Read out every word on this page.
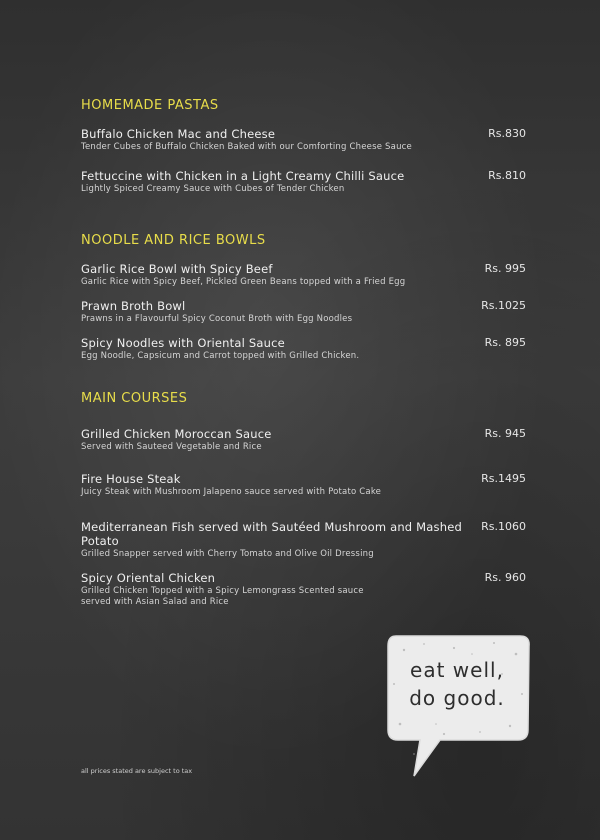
HOMEMADE PASTAS
Buffalo Chicken Mac and Cheese
Tender Cubes of Buffalo Chicken Baked with our Comforting Cheese Sauce
Rs.830
Fettuccine with Chicken in a Light Creamy Chilli Sauce
Lightly Spiced Creamy Sauce with Cubes of Tender Chicken
Rs.810
NOODLE AND RICE BOWLS
Garlic Rice Bowl with Spicy Beef
Garlic Rice with Spicy Beef, Pickled Green Beans topped with a Fried Egg
Rs. 995
Prawn Broth Bowl
Prawns in a Flavourful Spicy Coconut Broth with Egg Noodles
Rs.1025
Spicy Noodles with Oriental Sauce
Egg Noodle, Capsicum and Carrot topped with Grilled Chicken.
Rs. 895
MAIN COURSES
Grilled Chicken Moroccan Sauce
Served with Sauteed Vegetable and Rice
Rs. 945
Fire House Steak
Juicy Steak with Mushroom Jalapeno sauce served with Potato Cake
Rs.1495
Mediterranean Fish served with Sautéed Mushroom and Mashed Potato
Grilled Snapper served with Cherry Tomato and Olive Oil Dressing
Rs.1060
Spicy Oriental Chicken
Grilled Chicken Topped with a Spicy Lemongrass Scented sauce served with Asian Salad and Rice
Rs. 960
eat well,
do good.
all prices stated are subject to tax
